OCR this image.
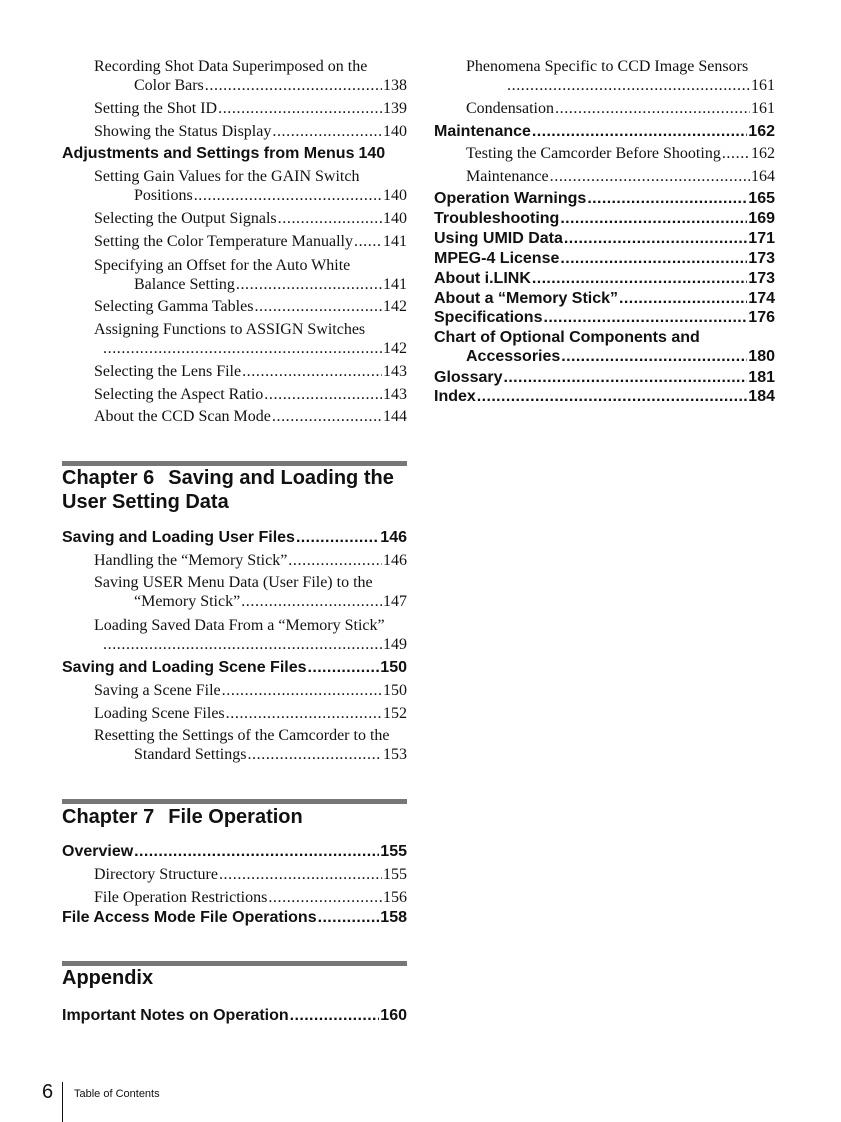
Recording Shot Data Superimposed on the
Color Bars .....	138
Setting the Shot ID .....	139
Showing the Status Display .....	140
Adjustments and Settings from Menus 140
Setting Gain Values for the GAIN Switch
Positions .....	140
Selecting the Output Signals .....	140
Setting the Color Temperature Manually ..... 141
Specifying an Offset for the Auto White
Balance Setting .....	141
Selecting Gamma Tables .....	142
Assigning Functions to ASSIGN Switches
.....
142
Selecting the Lens File .....	143
Selecting the Aspect Ratio .....	143
About the CCD Scan Mode .....	144
Chapter 6 Saving and Loading the
User Setting Data
Saving and Loading User Files .....	146
Handling the “Memory Stick” .....	146
Saving USER Menu Data (User File) to the
“Memory Stick” .....	147
Loading Saved Data From a “Memory Stick”
.....
149
Saving and Loading Scene Files .....	150
Saving a Scene File .....	150
Loading Scene Files .....	152
Resetting the Settings of the Camcorder to the
Standard Settings .....	153
Chapter 7 File Operation
Overview .....	155
Directory Structure .....	155
File Operation Restrictions .....	156
File Access Mode File Operations .....	158
Appendix
Important Notes on Operation .....	160
Phenomena Specific to CCD Image Sensors
.....
161
Condensation .....	161
Maintenance .....	162
Testing the Camcorder Before Shooting ..... 162
Maintenance .....	164
Operation Warnings .....	165
Troubleshooting .....	169
Using UMID Data .....	171
MPEG-4 License .....	173
About i.LINK .....	173
About a “Memory Stick” .....	174
Specifications .....	176
Chart of Optional Components and
Accessories .....	180
Glossary .....	181
Index .....	184
6 Table of Contents
